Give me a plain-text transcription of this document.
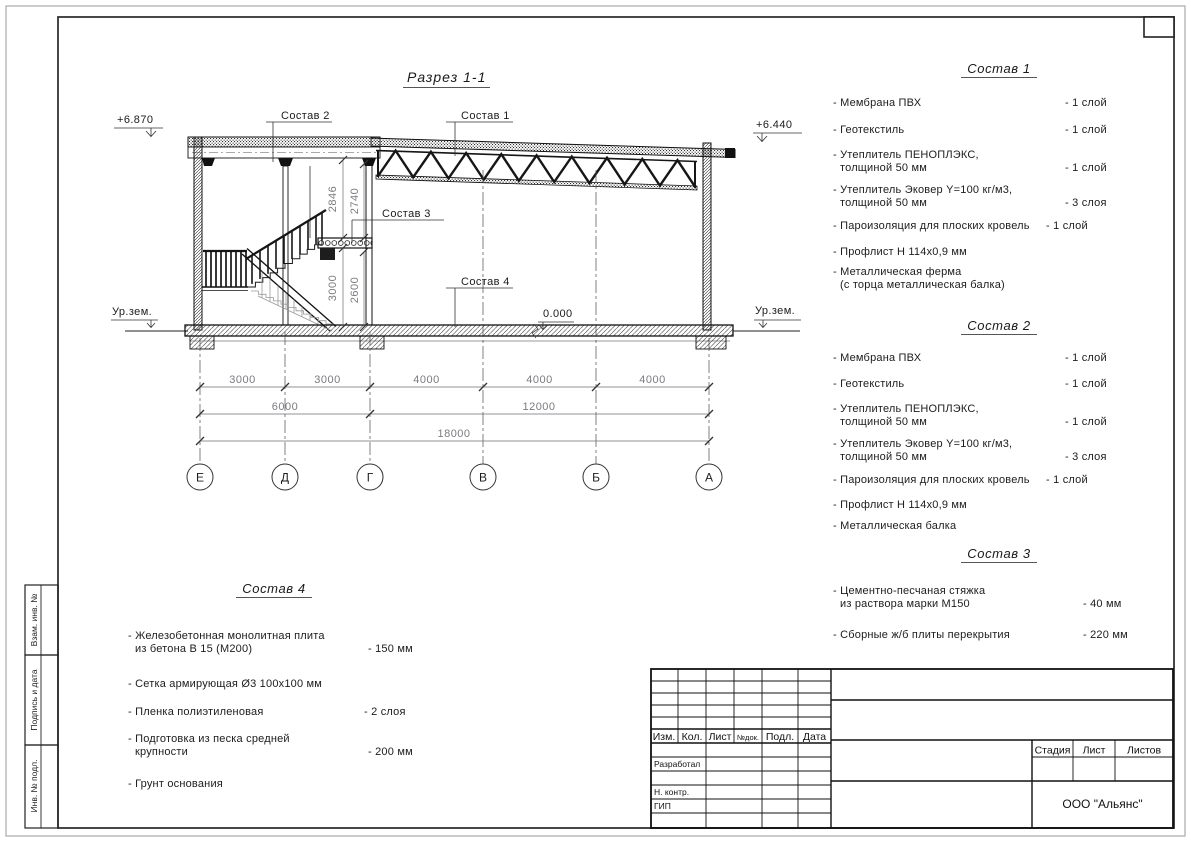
Взам. инв. №
Подпись и дата
Инв. № подл.
3000	3000	4000	4000	4000
6000	12000
18000
2846 2740
3000 2600
Е	Д	Г	В	Б	А
Изм. Кол. Лист №док. Подл. Дата
Стадия Лист Листов
ООО "Альянс"
Разработал
Н. контр.
ГИП
Разрез 1-1
Состав 2	Состав 1
Состав 3
Состав 4
+6.870	+6.440
0.000
Ур.зем.	Ур.зем.
Состав 1
- Мембрана ПВХ	- 1 слой
- Геотекстиль	- 1 слой
- Утеплитель ПЕНОПЛЭКС,
толщиной 50 мм	- 1 слой
- Утеплитель Эковер Y=100 кг/м3,
толщиной 50 мм	- 3 слоя
- Пароизоляция для плоских кровель	- 1 слой
- Профлист Н 114х0,9 мм
- Металлическая ферма
(с торца металлическая балка)
Состав 2
- Мембрана ПВХ	- 1 слой
- Геотекстиль	- 1 слой
- Утеплитель ПЕНОПЛЭКС,
толщиной 50 мм	- 1 слой
- Утеплитель Эковер Y=100 кг/м3,
толщиной 50 мм	- 3 слоя
- Пароизоляция для плоских кровель	- 1 слой
- Профлист Н 114х0,9 мм
- Металлическая балка
Состав 3
- Цементно-песчаная стяжка
из раствора марки М150	- 40 мм
- Сборные ж/б плиты перекрытия	- 220 мм
Состав 4
- Железобетонная монолитная плита
из бетона В 15 (М200)	- 150 мм
- Сетка армирующая Ø3 100х100 мм
- Пленка полиэтиленовая	- 2 слоя
- Подготовка из песка средней
крупности	- 200 мм
- Грунт основания
